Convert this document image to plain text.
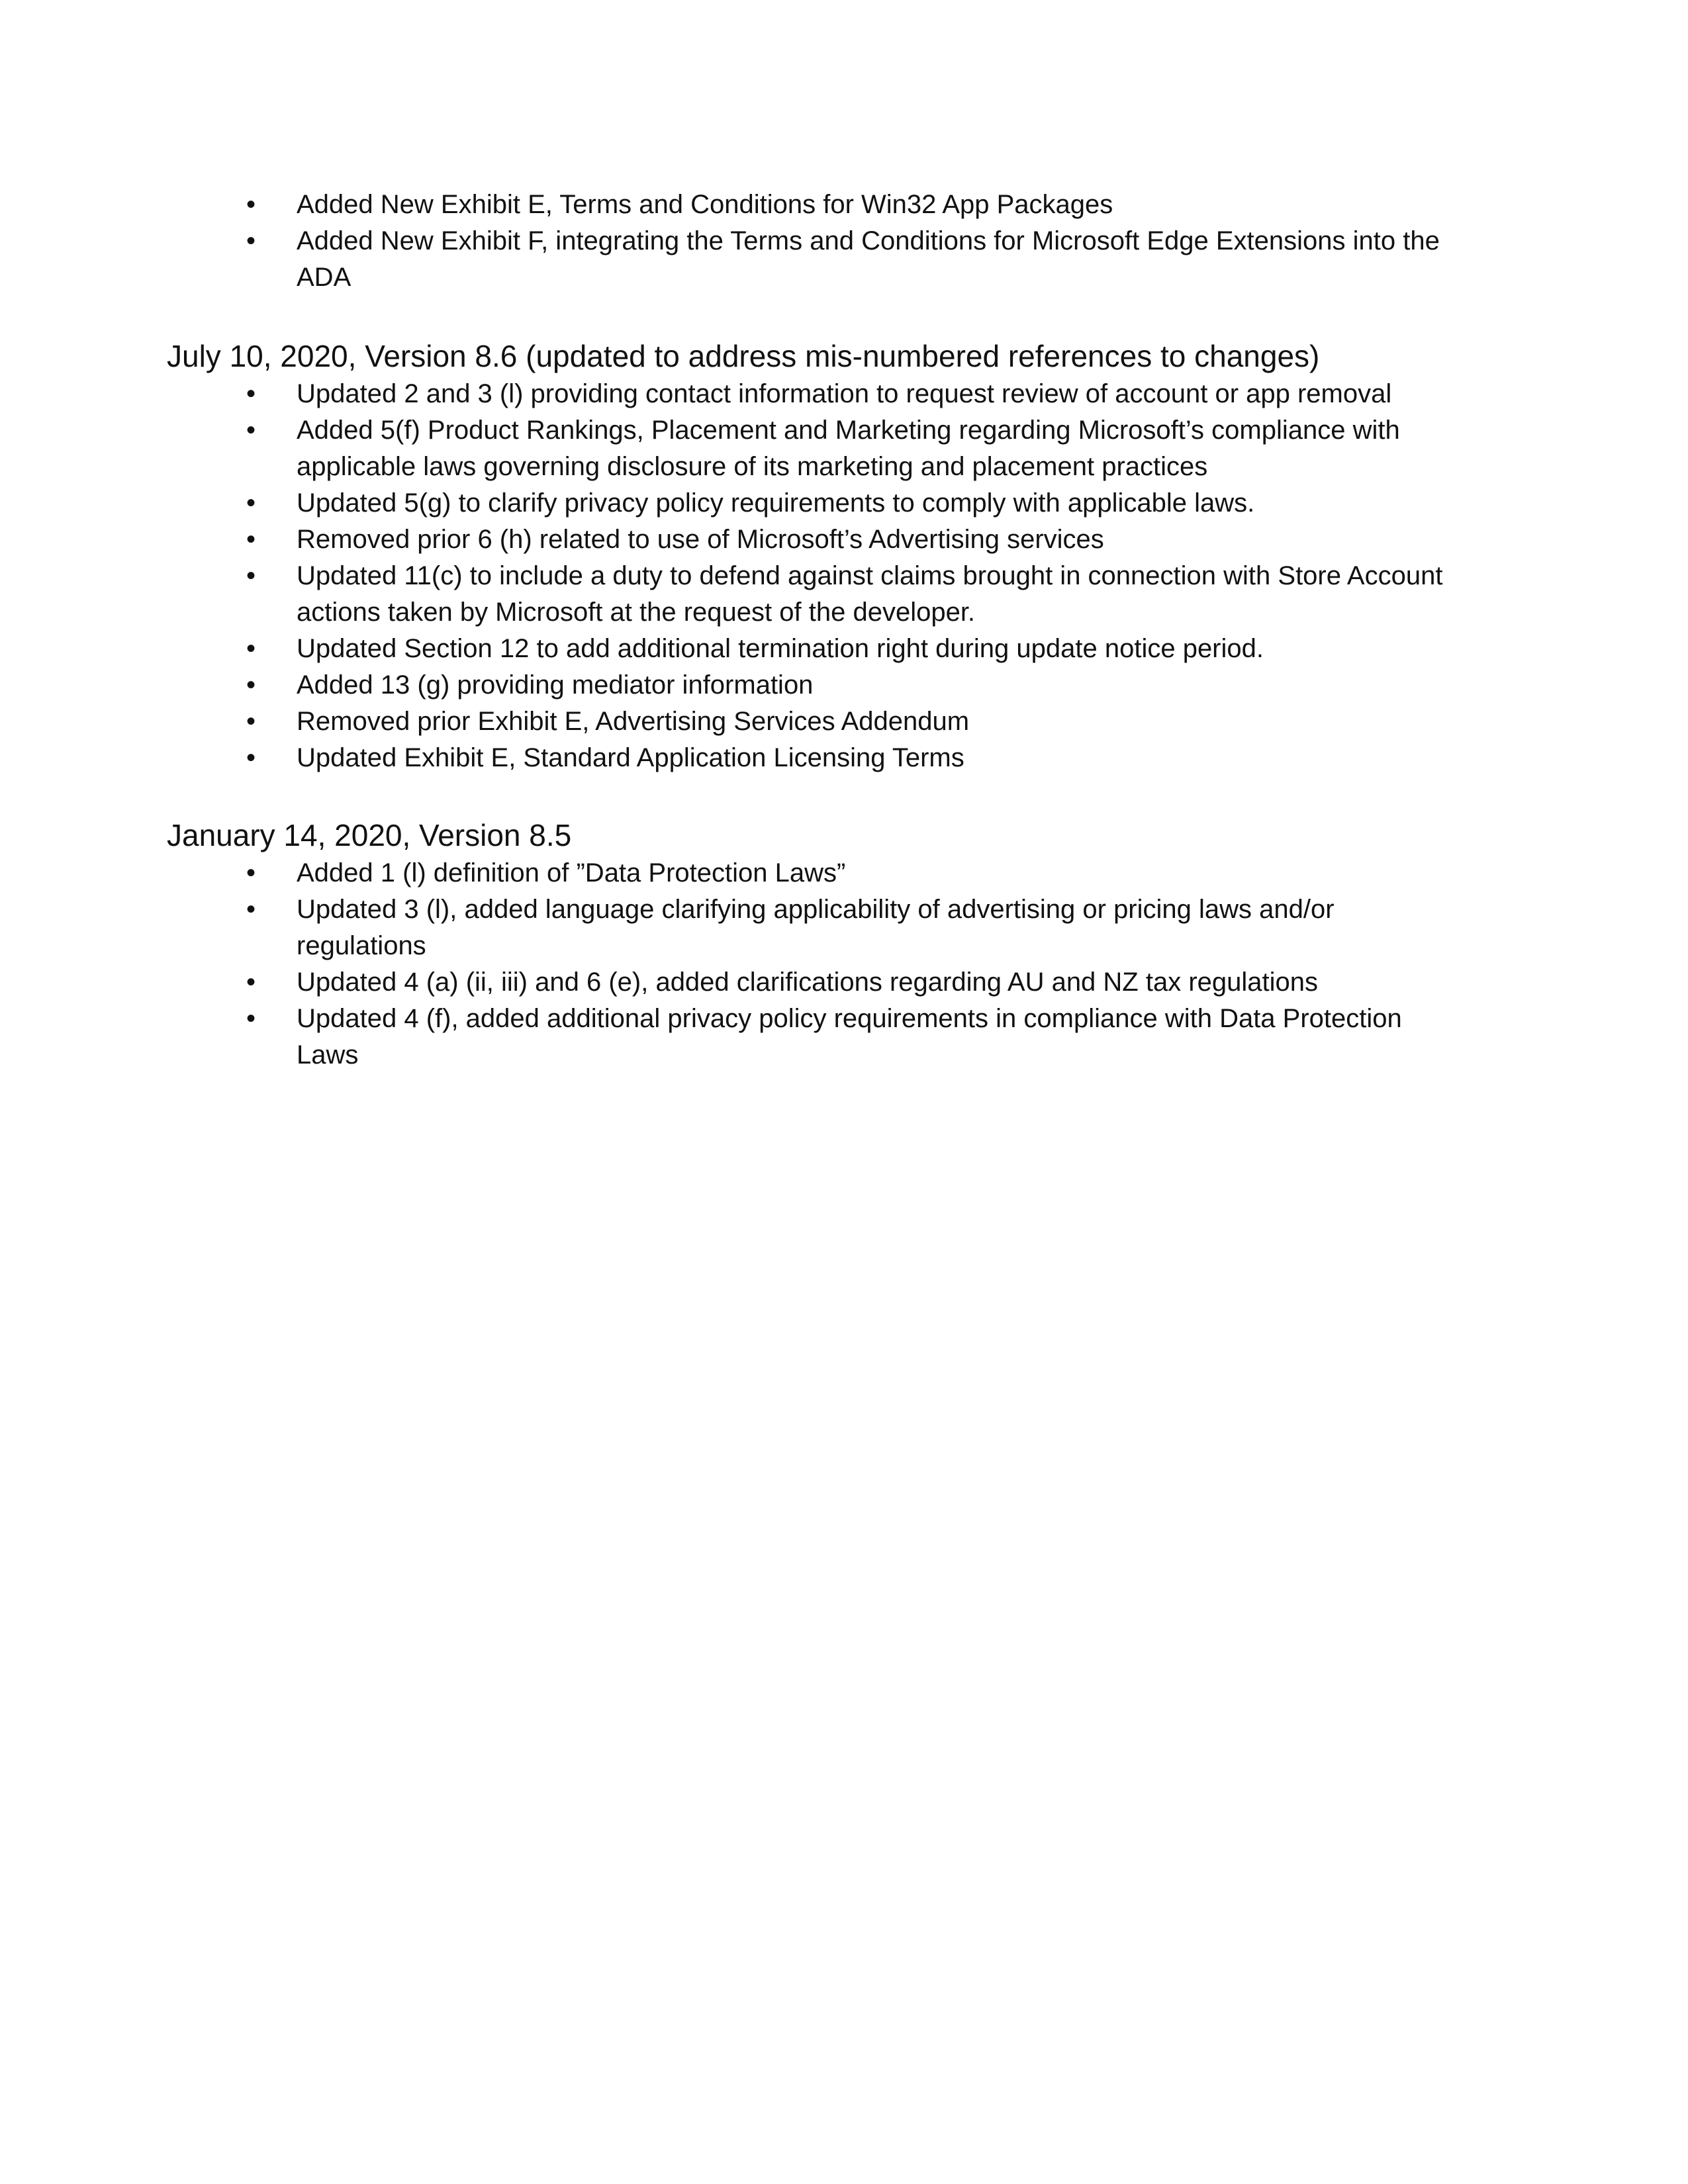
• Added New Exhibit E, Terms and Conditions for Win32 App Packages
• Added New Exhibit F, integrating the Terms and Conditions for Microsoft Edge Extensions into the ADA
July 10, 2020, Version 8.6 (updated to address mis-numbered references to changes)
• Updated 2 and 3 (l) providing contact information to request review of account or app removal
• Added 5(f) Product Rankings, Placement and Marketing regarding Microsoft’s compliance with applicable laws governing disclosure of its marketing and placement practices
• Updated 5(g) to clarify privacy policy requirements to comply with applicable laws.
• Removed prior 6 (h) related to use of Microsoft’s Advertising services
• Updated 11(c) to include a duty to defend against claims brought in connection with Store Account actions taken by Microsoft at the request of the developer.
• Updated Section 12 to add additional termination right during update notice period.
• Added 13 (g) providing mediator information
• Removed prior Exhibit E, Advertising Services Addendum
• Updated Exhibit E, Standard Application Licensing Terms
January 14, 2020, Version 8.5
• Added 1 (l) definition of ”Data Protection Laws”
• Updated 3 (l), added language clarifying applicability of advertising or pricing laws and/or regulations
• Updated 4 (a) (ii, iii) and 6 (e), added clarifications regarding AU and NZ tax regulations
• Updated 4 (f), added additional privacy policy requirements in compliance with Data Protection Laws
